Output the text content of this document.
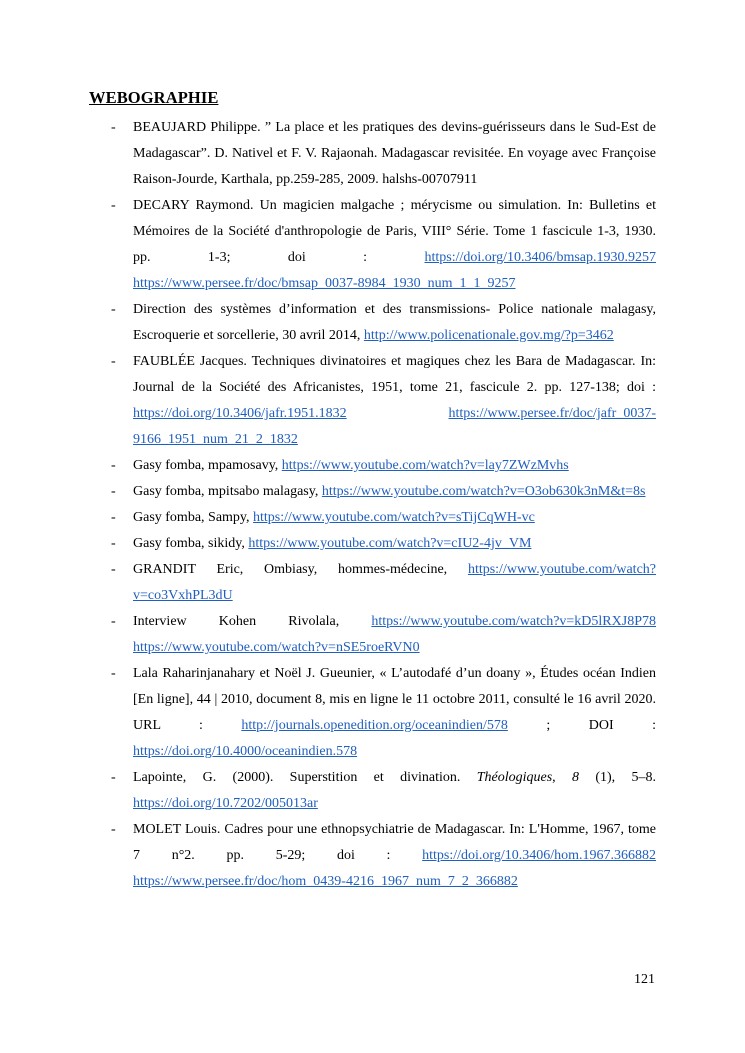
WEBOGRAPHIE
- BEAUJARD Philippe. ” La place et les pratiques des devins-guérisseurs dans le Sud-Est de Madagascar”. D. Nativel et F. V. Rajaonah. Madagascar revisitée. En voyage avec Françoise Raison-Jourde, Karthala, pp.259-285, 2009. halshs-00707911
- DECARY Raymond. Un magicien malgache ; mérycisme ou simulation. In: Bulletins et Mémoires de la Société d'anthropologie de Paris, VIII° Série. Tome 1 fascicule 1-3, 1930. pp. 1-3; doi : https://doi.org/10.3406/bmsap.1930.9257 https://www.persee.fr/doc/bmsap_0037-8984_1930_num_1_1_9257
- Direction des systèmes d’information et des transmissions- Police nationale malagasy, Escroquerie et sorcellerie, 30 avril 2014, http://www.policenationale.gov.mg/?p=3462
- FAUBLÉE Jacques. Techniques divinatoires et magiques chez les Bara de Madagascar. In: Journal de la Société des Africanistes, 1951, tome 21, fascicule 2. pp. 127-138; doi : https://doi.org/10.3406/jafr.1951.1832	https://www.persee.fr/doc/jafr_0037-9166_1951_num_21_2_1832
- Gasy fomba, mpamosavy, https://www.youtube.com/watch?v=lay7ZWzMvhs
- Gasy fomba, mpitsabo malagasy, https://www.youtube.com/watch?v=O3ob630k3nM&t=8s
- Gasy fomba, Sampy, https://www.youtube.com/watch?v=sTijCqWH-vc
- Gasy fomba, sikidy, https://www.youtube.com/watch?v=cIU2-4jv_VM
- GRANDIT Eric, Ombiasy, hommes-médecine, https://www.youtube.com/watch?v=co3VxhPL3dU
- Interview Kohen Rivolala, https://www.youtube.com/watch?v=kD5lRXJ8P78 https://www.youtube.com/watch?v=nSE5roeRVN0
- Lala Raharinjanahary et Noël J. Gueunier, « L’autodafé d’un doany », Études océan Indien [En ligne], 44 | 2010, document 8, mis en ligne le 11 octobre 2011, consulté le 16 avril 2020. URL : http://journals.openedition.org/oceanindien/578 ; DOI : https://doi.org/10.4000/oceanindien.578
- Lapointe, G. (2000). Superstition et divination. Théologiques, 8 (1), 5–8. https://doi.org/10.7202/005013ar
- MOLET Louis. Cadres pour une ethnopsychiatrie de Madagascar. In: L'Homme, 1967, tome 7 n°2. pp. 5-29; doi : https://doi.org/10.3406/hom.1967.366882 https://www.persee.fr/doc/hom_0439-4216_1967_num_7_2_366882
121
